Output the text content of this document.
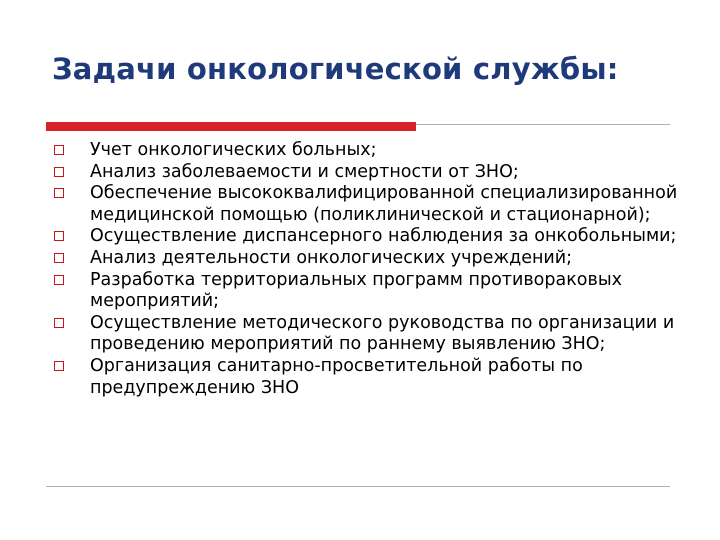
Задачи онкологической службы:
Учет онкологических больных;
Анализ заболеваемости и смертности от ЗНО;
Обеспечение высококвалифицированной специализированной медицинской помощью (поликлинической и стационарной);
Осуществление диспансерного наблюдения за онкобольными;
Анализ деятельности онкологических учреждений;
Разработка территориальных программ противораковых мероприятий;
Осуществление методического руководства по организации и проведению мероприятий по раннему выявлению ЗНО;
Организация санитарно-просветительной работы по предупреждению ЗНО
